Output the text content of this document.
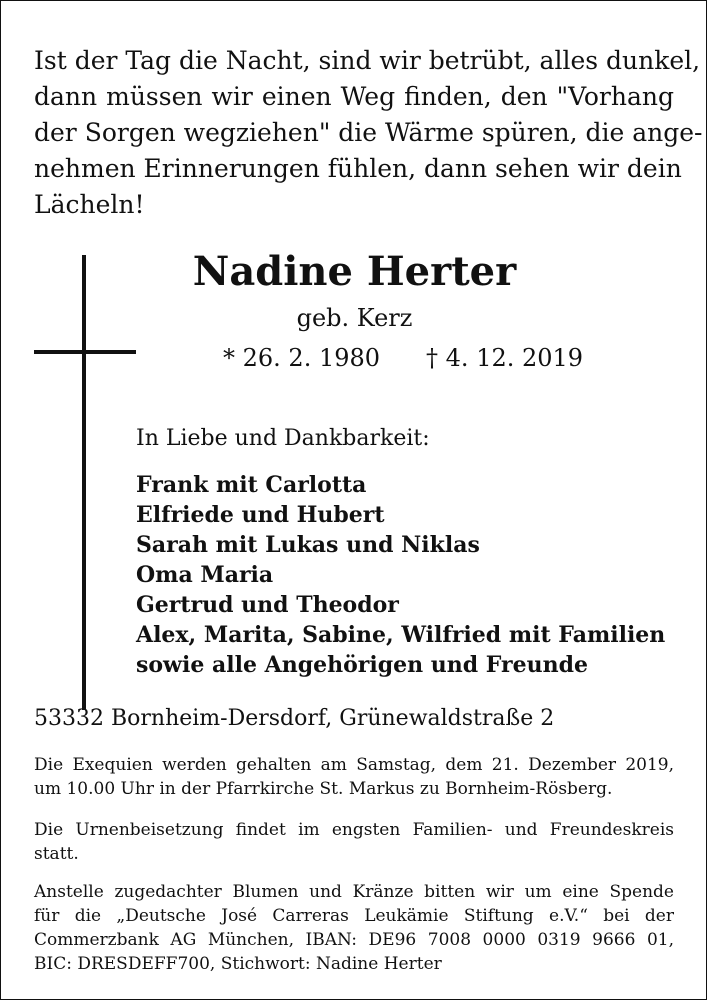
Ist der Tag die Nacht, sind wir betrübt, alles dunkel,
dann müssen wir einen Weg finden, den "Vorhang
der Sorgen wegziehen" die Wärme spüren, die ange-
nehmen Erinnerungen fühlen, dann sehen wir dein
Lächeln!

Nadine Herter

geb. Kerz

* 26. 2. 1980 † 4. 12. 2019

In Liebe und Dankbarkeit:

Frank mit Carlotta
Elfriede und Hubert
Sarah mit Lukas und Niklas
Oma Maria
Gertrud und Theodor
Alex, Marita, Sabine, Wilfried mit Familien
sowie alle Angehörigen und Freunde

53332 Bornheim-Dersdorf, Grünewaldstraße 2

Die Exequien werden gehalten am Samstag, dem 21. Dezember 2019,
um 10.00 Uhr in der Pfarrkirche St. Markus zu Bornheim-Rösberg.

Die Urnenbeisetzung findet im engsten Familien- und Freundeskreis
statt.

Anstelle zugedachter Blumen und Kränze bitten wir um eine Spende
für die „Deutsche José Carreras Leukämie Stiftung e.V.“ bei der
Commerzbank AG München, IBAN: DE96 7008 0000 0319 9666 01,
BIC: DRESDEFF700, Stichwort: Nadine Herter
